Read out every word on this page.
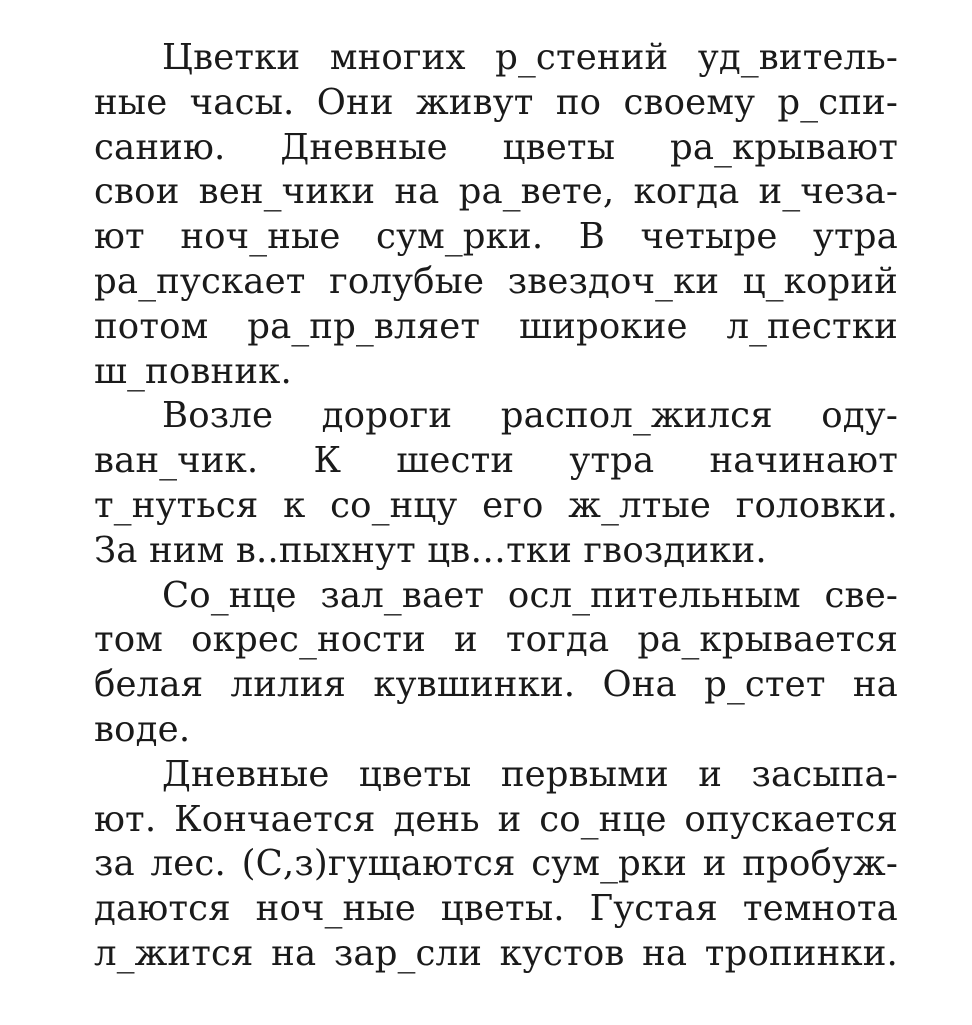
Цветки многих р_стений уд_витель-
ные часы. Они живут по своему р_спи-
санию. Дневные цветы ра_крывают
свои вен_чики на ра_вете, когда и_чеза-
ют ноч_ные сум_рки. В четыре утра
ра_пускает голубые звездоч_ки ц_корий
потом ра_пр_вляет широкие л_пестки
ш_повник.

Возле дороги распол_жился оду-
ван_чик. К шести утра начинают
т_нуться к со_нцу его ж_лтые головки.
За ним в..пыхнут цв…тки гвоздики.

Со_нце зал_вает осл_пительным све-
том окрес_ности и тогда ра_крывается
белая лилия кувшинки. Она р_стет на
воде.

Дневные цветы первыми и засыпа-
ют. Кончается день и со_нце опускается
за лес. (С,з)гущаются сум_рки и пробуж-
даются ноч_ные цветы. Густая темнота
л_жится на зар_сли кустов на тропинки.
